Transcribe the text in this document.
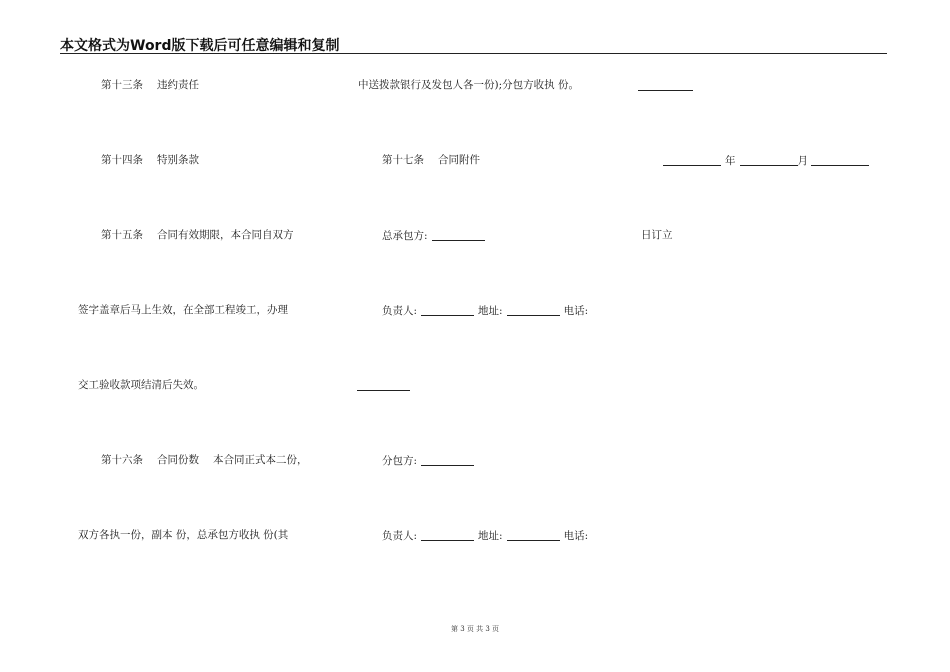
本文格式为Word版下载后可任意编辑和复制
第十三条 违约责任
第十四条 特别条款
第十五条 合同有效期限，本合同自双方
签字盖章后马上生效，在全部工程竣工，办理
交工验收款项结清后失效。
第十六条 合同份数 本合同正式本二份，
双方各执一份，副本 份，总承包方收执 份(其
中送拨款银行及发包人各一份);分包方收执 份。
第十七条 合同附件
总承包方:
负责人:	地址:	电话:
分包方:
负责人:	地址:	电话:
年	月
日订立
第 3 页 共 3 页
